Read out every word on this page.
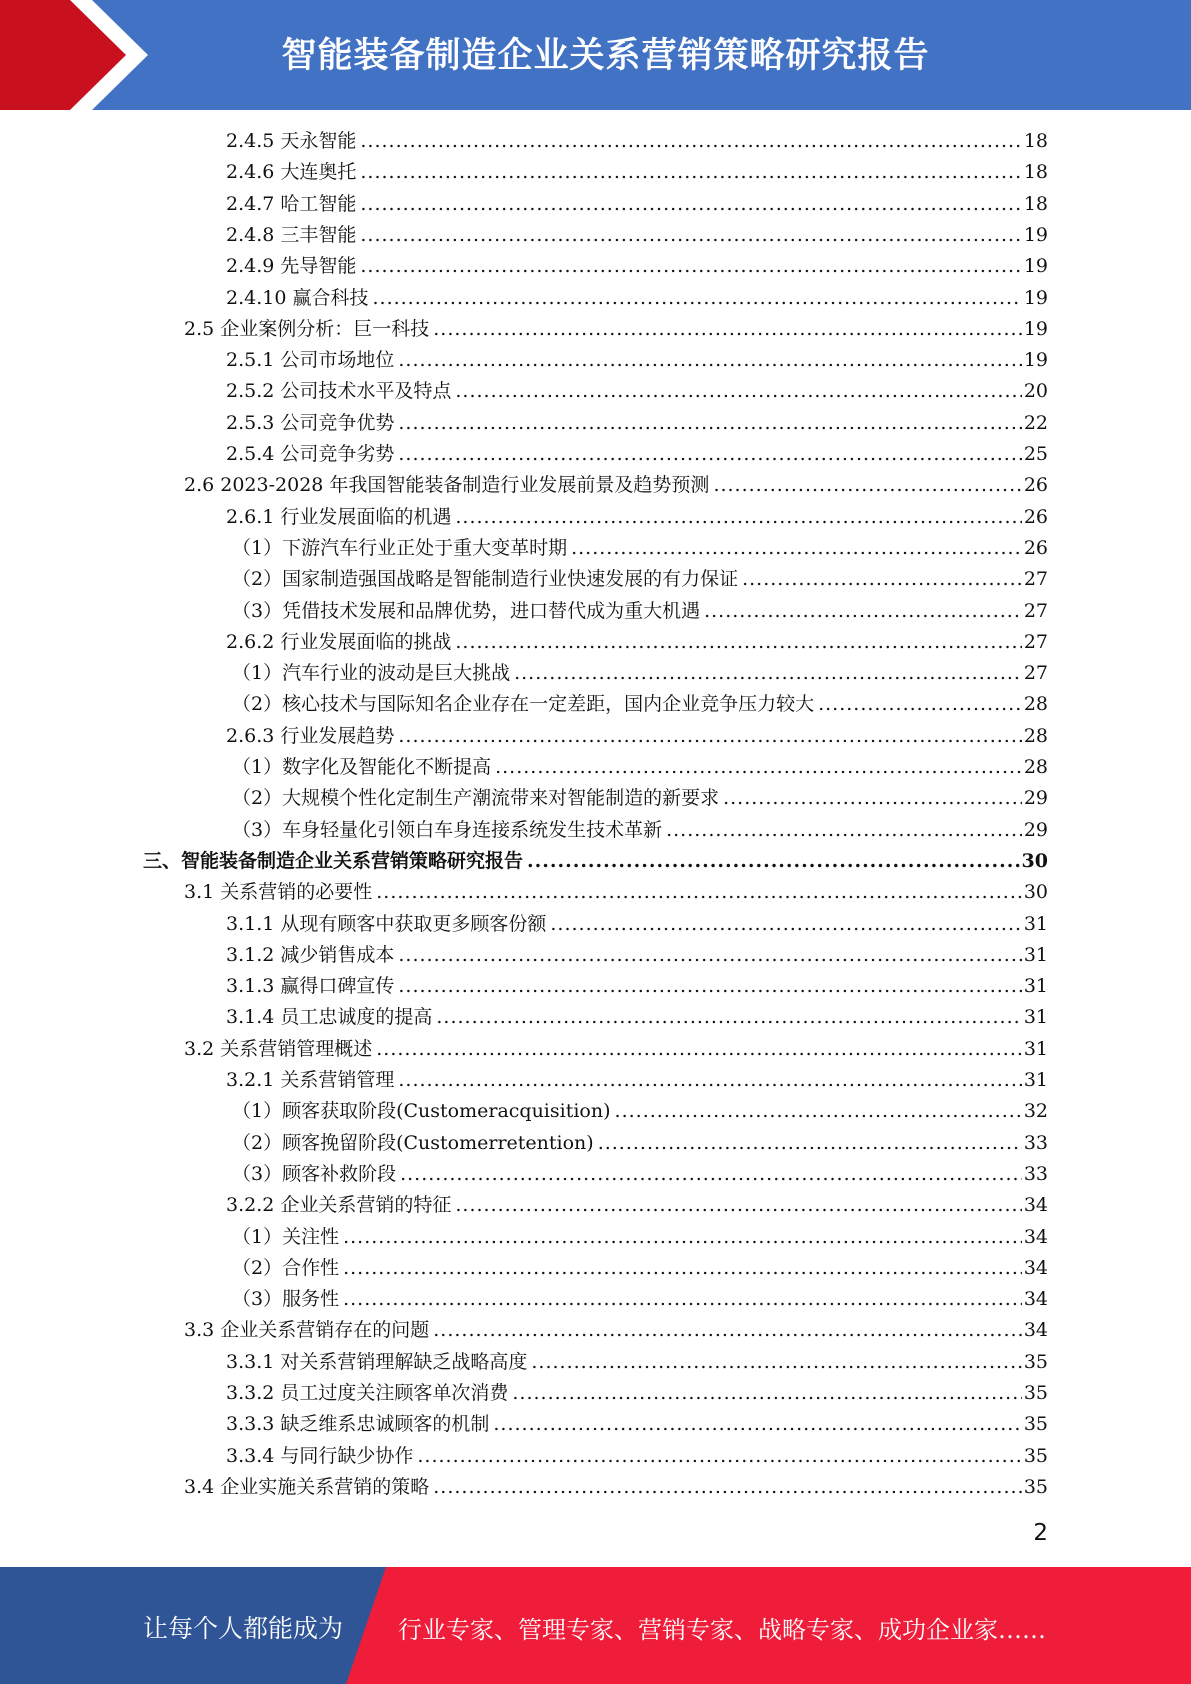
智能装备制造企业关系营销策略研究报告
2.4.5 天永智能 .....	18
2.4.6 大连奥托 .....	18
2.4.7 哈工智能 .....	18
2.4.8 三丰智能 .....	19
2.4.9 先导智能 .....	19
2.4.10 赢合科技 .....	19
2.5 企业案例分析：巨一科技 .....	19
2.5.1 公司市场地位 .....	19
2.5.2 公司技术水平及特点 .....	20
2.5.3 公司竞争优势 .....	22
2.5.4 公司竞争劣势 .....	25
2.6 2023-2028 年我国智能装备制造行业发展前景及趋势预测 .....	26
2.6.1 行业发展面临的机遇 .....	26
（1）下游汽车行业正处于重大变革时期 .....	26
（2）国家制造强国战略是智能制造行业快速发展的有力保证 .....	27
（3）凭借技术发展和品牌优势，进口替代成为重大机遇 .....	27
2.6.2 行业发展面临的挑战 .....	27
（1）汽车行业的波动是巨大挑战 .....	27
（2）核心技术与国际知名企业存在一定差距，国内企业竞争压力较大 .....	28
2.6.3 行业发展趋势 .....	28
（1）数字化及智能化不断提高 .....	28
（2）大规模个性化定制生产潮流带来对智能制造的新要求 .....	29
（3）车身轻量化引领白车身连接系统发生技术革新 .....	29
三、智能装备制造企业关系营销策略研究报告 .....	30
3.1 关系营销的必要性 .....	30
3.1.1 从现有顾客中获取更多顾客份额 .....	31
3.1.2 减少销售成本 .....	31
3.1.3 赢得口碑宣传 .....	31
3.1.4 员工忠诚度的提高 .....	31
3.2 关系营销管理概述 .....	31
3.2.1 关系营销管理 .....	31
（1）顾客获取阶段(Customeracquisition) .....	32
（2）顾客挽留阶段(Customerretention) .....	33
（3）顾客补救阶段 .....	33
3.2.2 企业关系营销的特征 .....	34
（1）关注性 .....	34
（2）合作性 .....	34
（3）服务性 .....	34
3.3 企业关系营销存在的问题 .....	34
3.3.1 对关系营销理解缺乏战略高度 .....	35
3.3.2 员工过度关注顾客单次消费 .....	35
3.3.3 缺乏维系忠诚顾客的机制 .....	35
3.3.4 与同行缺少协作 .....	35
3.4 企业实施关系营销的策略 .....	35
2
让每个人都能成为 行业专家、管理专家、营销专家、战略专家、成功企业家……
